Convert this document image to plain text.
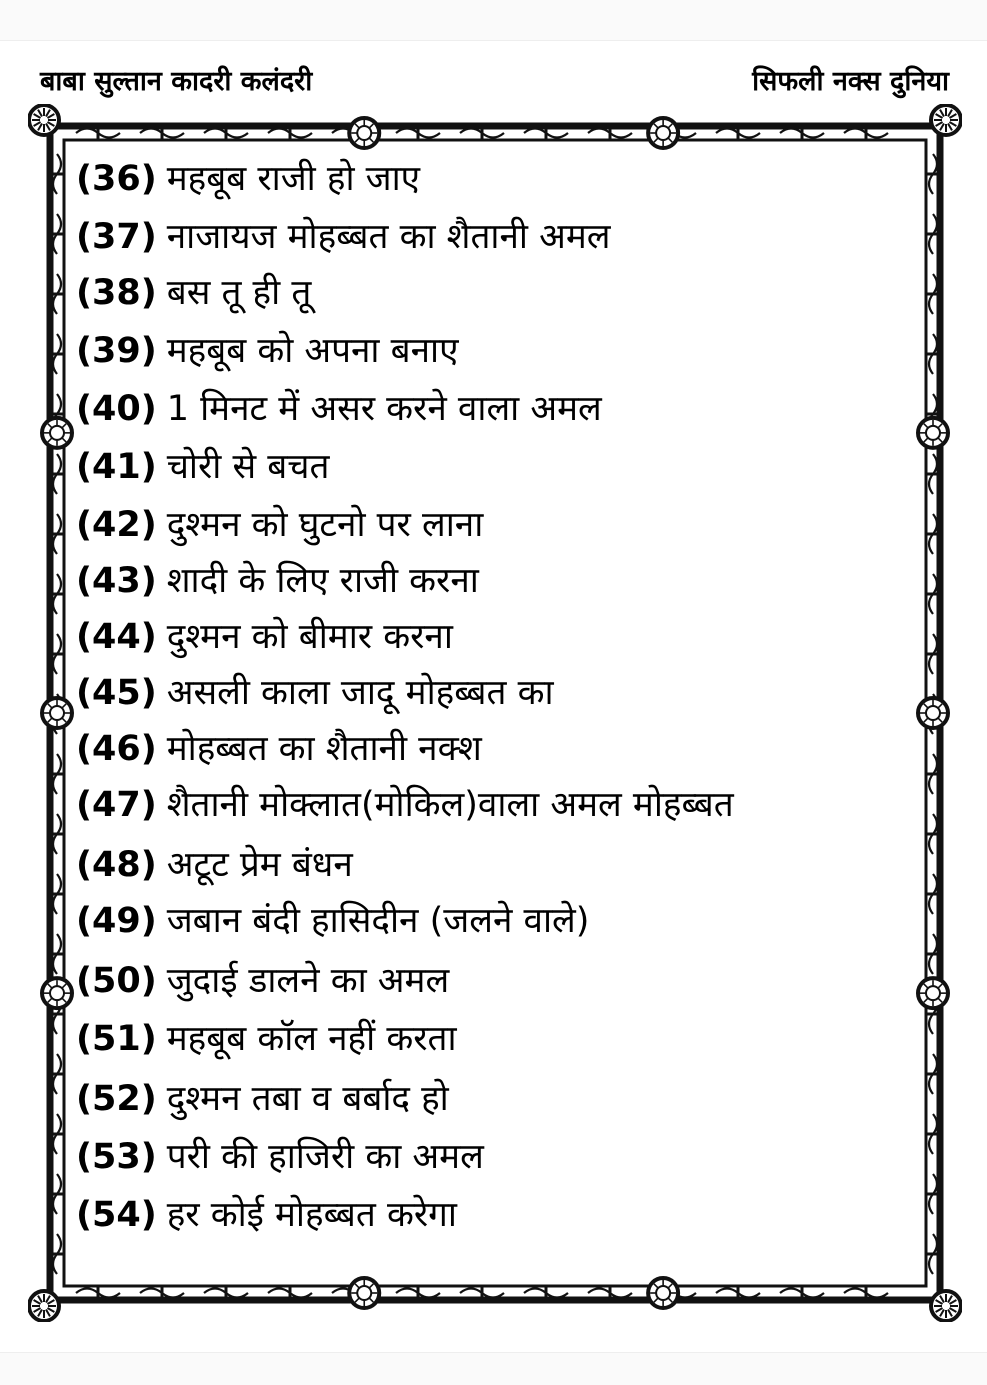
बाबा सुल्तान कादरी कलंदरी	सिफली नक्स दुनिया
(36) महबूब राजी हो जाए
(37) नाजायज मोहब्बत का शैतानी अमल
(38) बस तू ही तू
(39) महबूब को अपना बनाए
(40) 1 मिनट में असर करने वाला अमल
(41) चोरी से बचत
(42) दुश्मन को घुटनो पर लाना
(43) शादी के लिए राजी करना
(44) दुश्मन को बीमार करना
(45) असली काला जादू मोहब्बत का
(46) मोहब्बत का शैतानी नक्श
(47) शैतानी मोक्लात(मोकिल)वाला अमल मोहब्बत
(48) अटूट प्रेम बंधन
(49) जबान बंदी हासिदीन (जलने वाले)
(50) जुदाई डालने का अमल
(51) महबूब कॉल नहीं करता
(52) दुश्मन तबा व बर्बाद हो
(53) परी की हाजिरी का अमल
(54) हर कोई मोहब्बत करेगा
